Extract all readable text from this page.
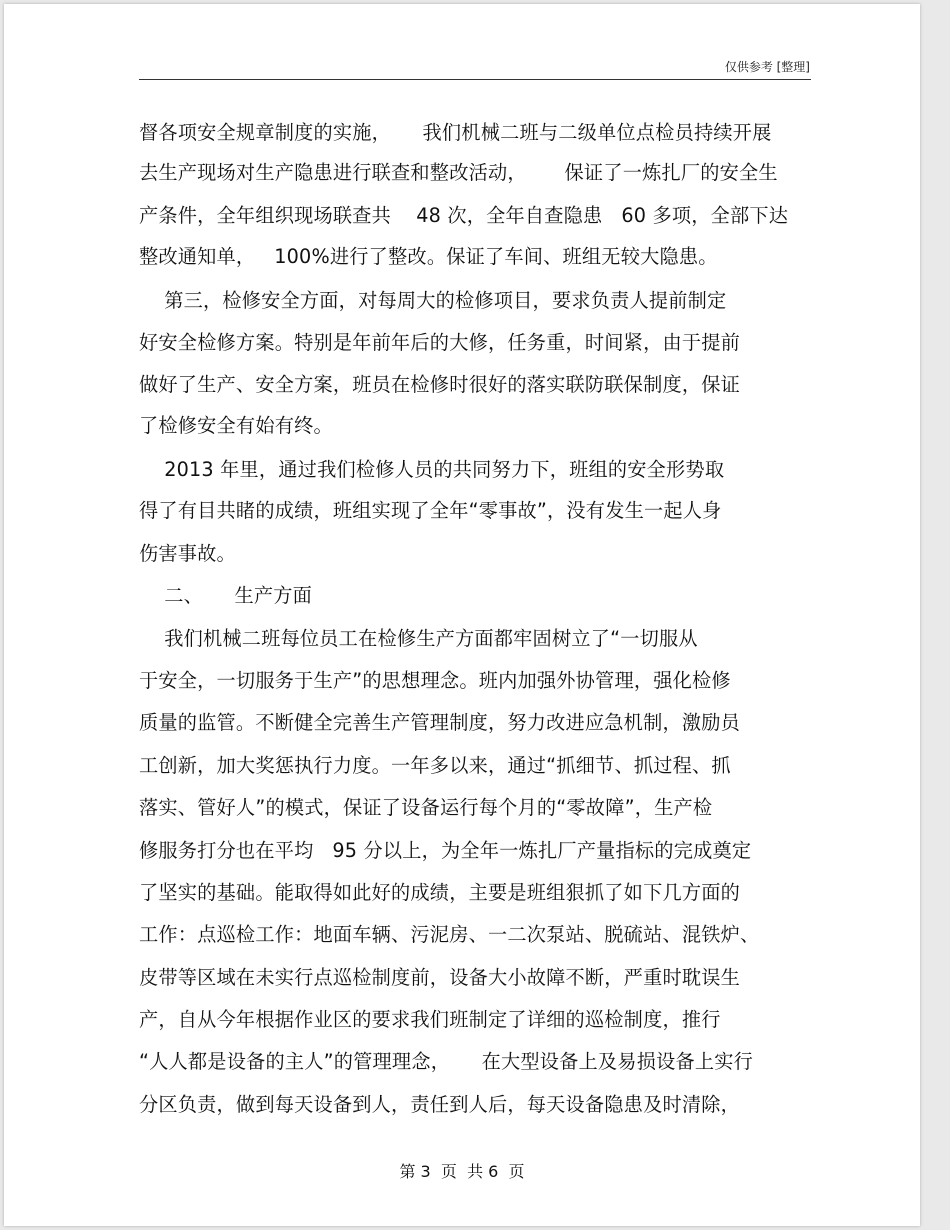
仅供参考 [整理]
督各项安全规章制度的实施，     我们机械二班与二级单位点检员持续开展
去生产现场对生产隐患进行联查和整改活动，      保证了一炼扎厂的安全生
产条件，全年组织现场联查共    48 次，全年自查隐患   60 多项，全部下达
整改通知单，   100%进行了整改。保证了车间、班组无较大隐患。
第三，检修安全方面，对每周大的检修项目，要求负责人提前制定
好安全检修方案。特别是年前年后的大修，任务重，时间紧，由于提前
做好了生产、安全方案，班员在检修时很好的落实联防联保制度，保证
了检修安全有始有终。
2013 年里，通过我们检修人员的共同努力下，班组的安全形势取
得了有目共睹的成绩，班组实现了全年“零事故”，没有发生一起人身
伤害事故。
二、     生产方面
我们机械二班每位员工在检修生产方面都牢固树立了“一切服从
于安全，一切服务于生产”的思想理念。班内加强外协管理，强化检修
质量的监管。不断健全完善生产管理制度，努力改进应急机制，激励员
工创新，加大奖惩执行力度。一年多以来，通过“抓细节、抓过程、抓
落实、管好人”的模式，保证了设备运行每个月的“零故障”，生产检
修服务打分也在平均   95 分以上，为全年一炼扎厂产量指标的完成奠定
了坚实的基础。能取得如此好的成绩，主要是班组狠抓了如下几方面的
工作：点巡检工作：地面车辆、污泥房、一二次泵站、脱硫站、混铁炉、
皮带等区域在未实行点巡检制度前，设备大小故障不断，严重时耽误生
产，自从今年根据作业区的要求我们班制定了详细的巡检制度，推行
“人人都是设备的主人”的管理理念，     在大型设备上及易损设备上实行
分区负责，做到每天设备到人，责任到人后，每天设备隐患及时清除，
第 3  页  共 6  页
